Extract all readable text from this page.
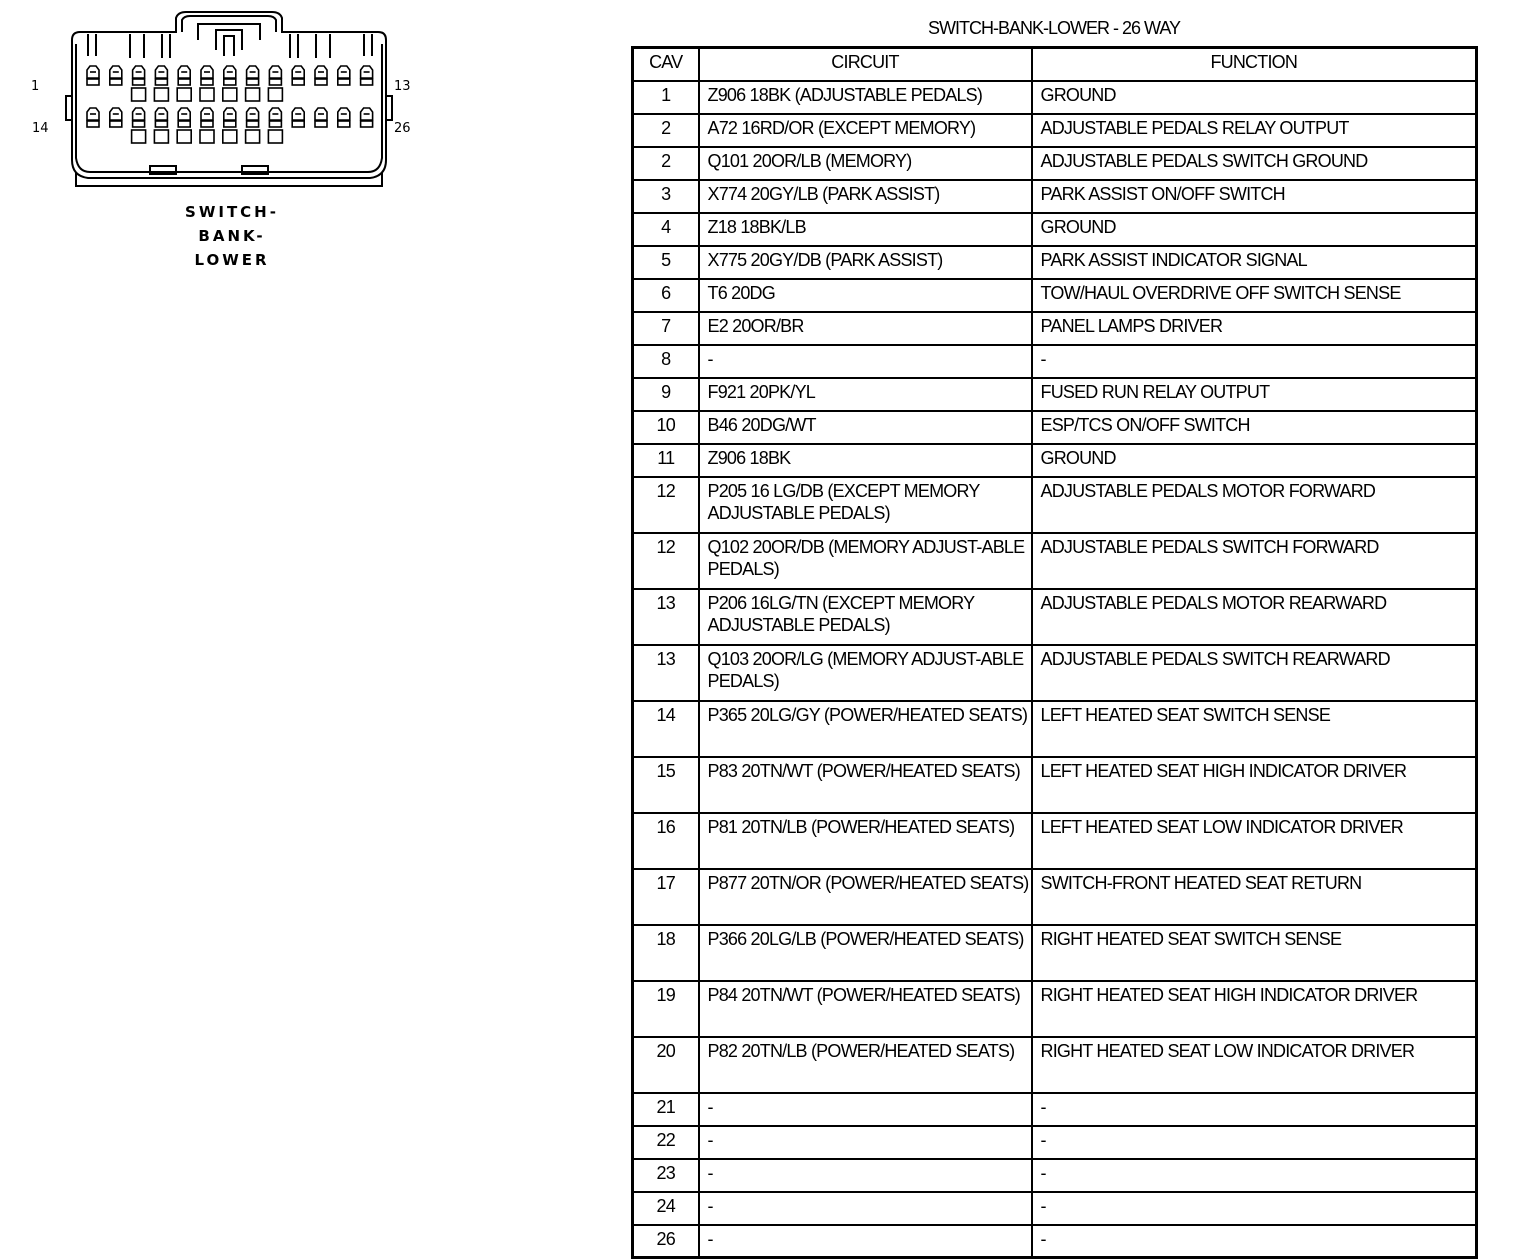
1	13
14	26
SWITCH-
BANK-
LOWER
SWITCH-BANK-LOWER - 26 WAY
CAV	CIRCUIT	FUNCTION
1	Z906 18BK (ADJUSTABLE PEDALS)	GROUND
2	A72 16RD/OR (EXCEPT MEMORY)	ADJUSTABLE PEDALS RELAY OUTPUT
2	Q101 20OR/LB (MEMORY)	ADJUSTABLE PEDALS SWITCH GROUND
3	X774 20GY/LB (PARK ASSIST)	PARK ASSIST ON/OFF SWITCH
4	Z18 18BK/LB	GROUND
5	X775 20GY/DB (PARK ASSIST)	PARK ASSIST INDICATOR SIGNAL
6	T6 20DG	TOW/HAUL OVERDRIVE OFF SWITCH SENSE
7	E2 20OR/BR	PANEL LAMPS DRIVER
8	-	-
9	F921 20PK/YL	FUSED RUN RELAY OUTPUT
10	B46 20DG/WT	ESP/TCS ON/OFF SWITCH
11	Z906 18BK	GROUND
12	P205 16 LG/DB (EXCEPT MEMORY ADJUSTABLE PEDALS)	ADJUSTABLE PEDALS MOTOR FORWARD
12	Q102 20OR/DB (MEMORY ADJUST-ABLE PEDALS)	ADJUSTABLE PEDALS SWITCH FORWARD
13	P206 16LG/TN (EXCEPT MEMORY ADJUSTABLE PEDALS)	ADJUSTABLE PEDALS MOTOR REARWARD
13	Q103 20OR/LG (MEMORY ADJUST-ABLE PEDALS)	ADJUSTABLE PEDALS SWITCH REARWARD
14	P365 20LG/GY (POWER/HEATED SEATS)	LEFT HEATED SEAT SWITCH SENSE
15	P83 20TN/WT (POWER/HEATED SEATS)	LEFT HEATED SEAT HIGH INDICATOR DRIVER
16	P81 20TN/LB (POWER/HEATED SEATS)	LEFT HEATED SEAT LOW INDICATOR DRIVER
17	P877 20TN/OR (POWER/HEATED SEATS)	SWITCH-FRONT HEATED SEAT RETURN
18	P366 20LG/LB (POWER/HEATED SEATS)	RIGHT HEATED SEAT SWITCH SENSE
19	P84 20TN/WT (POWER/HEATED SEATS)	RIGHT HEATED SEAT HIGH INDICATOR DRIVER
20	P82 20TN/LB (POWER/HEATED SEATS)	RIGHT HEATED SEAT LOW INDICATOR DRIVER
21	-	-
22	-	-
23	-	-
24	-	-
26	-	-
